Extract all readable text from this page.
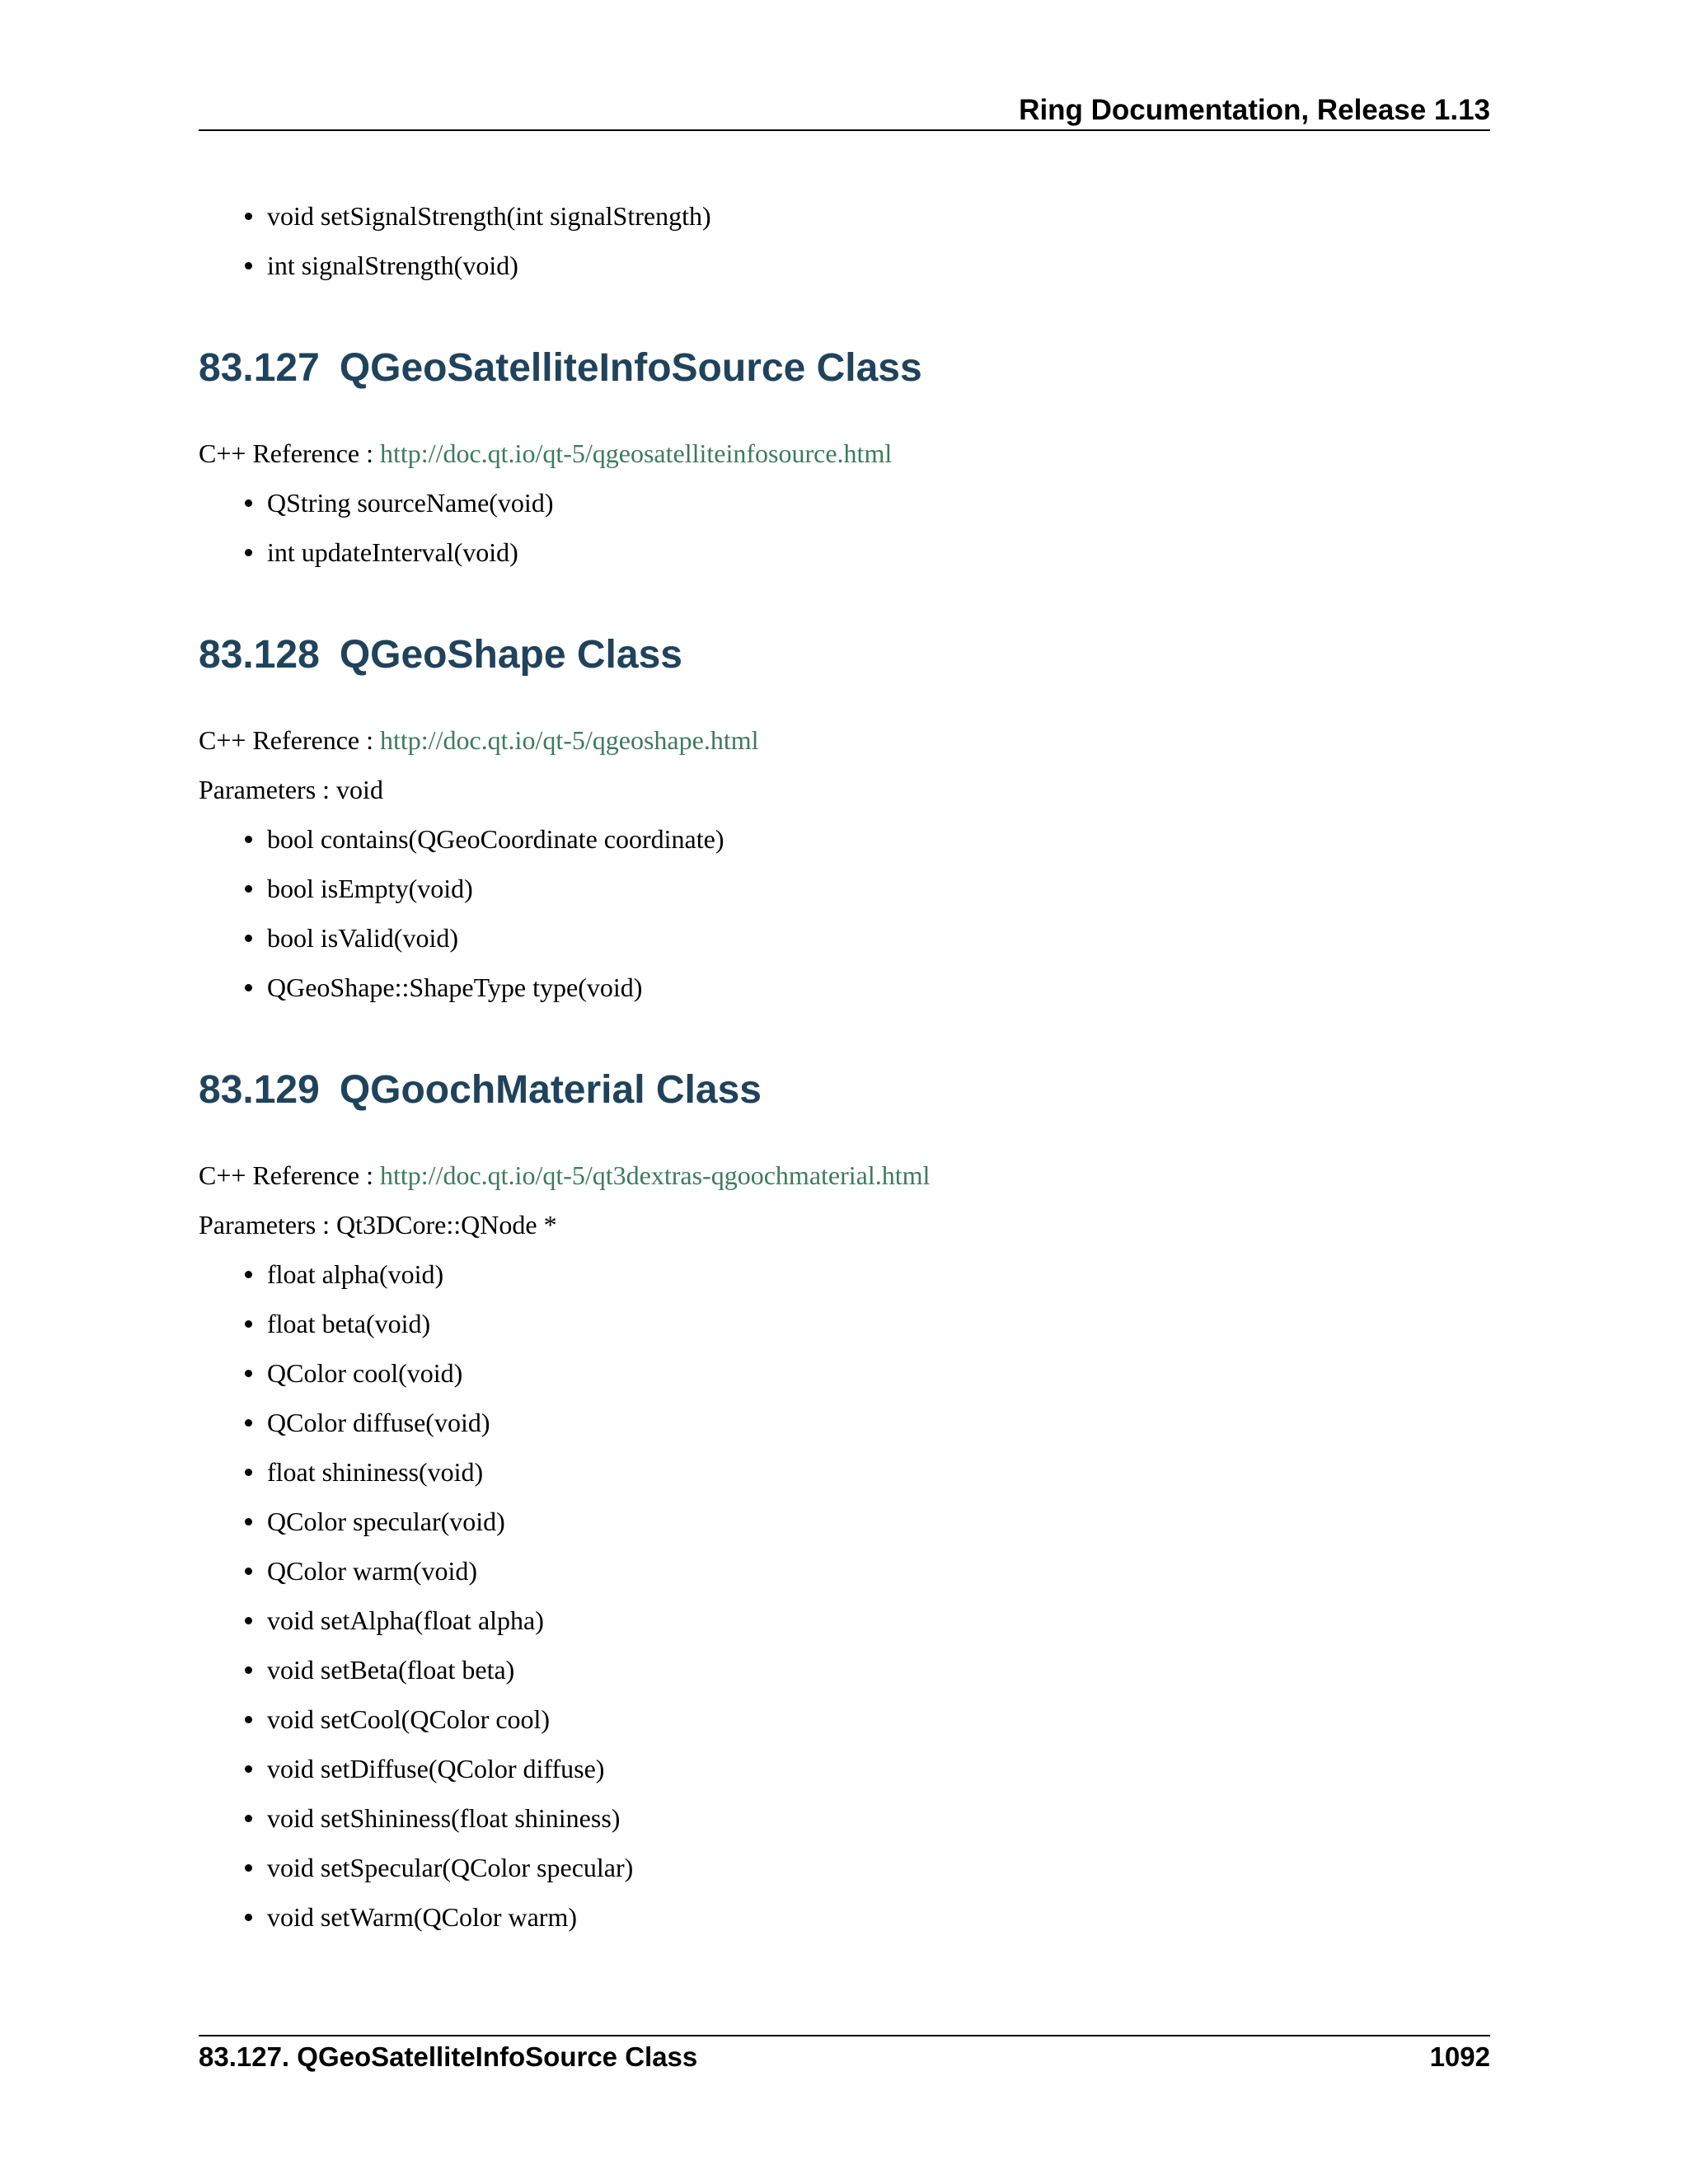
Ring Documentation, Release 1.13
void setSignalStrength(int signalStrength)
int signalStrength(void)
83.127 QGeoSatelliteInfoSource Class
C++ Reference : http://doc.qt.io/qt-5/qgeosatelliteinfosource.html
QString sourceName(void)
int updateInterval(void)
83.128 QGeoShape Class
C++ Reference : http://doc.qt.io/qt-5/qgeoshape.html
Parameters : void
bool contains(QGeoCoordinate coordinate)
bool isEmpty(void)
bool isValid(void)
QGeoShape::ShapeType type(void)
83.129 QGoochMaterial Class
C++ Reference : http://doc.qt.io/qt-5/qt3dextras-qgoochmaterial.html
Parameters : Qt3DCore::QNode *
float alpha(void)
float beta(void)
QColor cool(void)
QColor diffuse(void)
float shininess(void)
QColor specular(void)
QColor warm(void)
void setAlpha(float alpha)
void setBeta(float beta)
void setCool(QColor cool)
void setDiffuse(QColor diffuse)
void setShininess(float shininess)
void setSpecular(QColor specular)
void setWarm(QColor warm)
83.127. QGeoSatelliteInfoSource Class	1092
